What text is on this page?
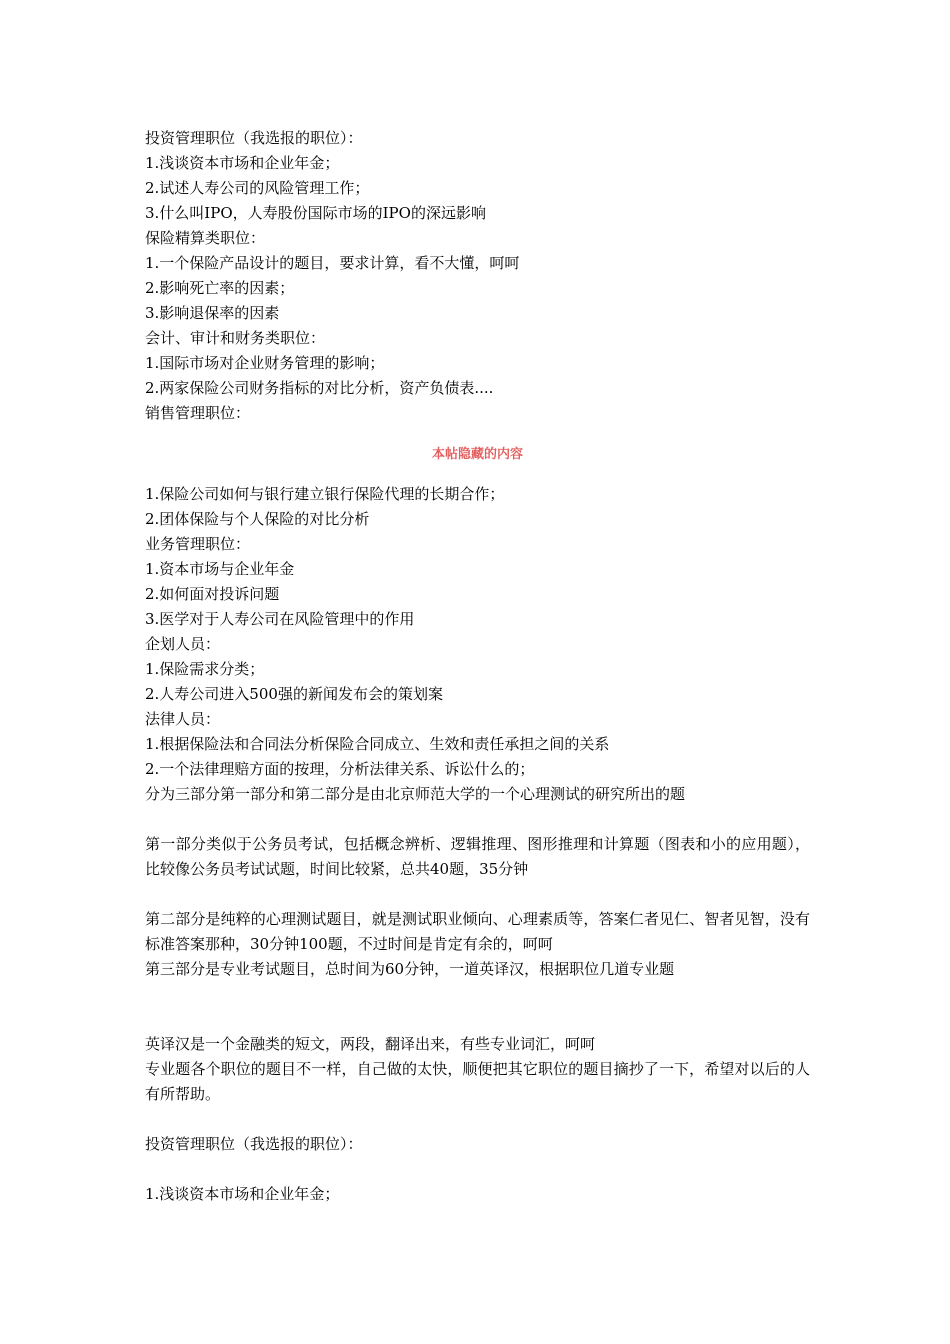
投资管理职位（我选报的职位）：

1.浅谈资本市场和企业年金；

2.试述人寿公司的风险管理工作；

3.什么叫IPO，人寿股份国际市场的IPO的深远影响

保险精算类职位：

1.一个保险产品设计的题目，要求计算，看不大懂，呵呵

2.影响死亡率的因素；

3.影响退保率的因素

会计、审计和财务类职位：

1.国际市场对企业财务管理的影响；

2.两家保险公司财务指标的对比分析，资产负债表....

销售管理职位：

本帖隐藏的内容

1.保险公司如何与银行建立银行保险代理的长期合作；

2.团体保险与个人保险的对比分析

业务管理职位：

1.资本市场与企业年金

2.如何面对投诉问题

3.医学对于人寿公司在风险管理中的作用

企划人员：

1.保险需求分类；

2.人寿公司进入500强的新闻发布会的策划案

法律人员：

1.根据保险法和合同法分析保险合同成立、生效和责任承担之间的关系

2.一个法律理赔方面的按理，分析法律关系、诉讼什么的；

分为三部分第一部分和第二部分是由北京师范大学的一个心理测试的研究所出的题

第一部分类似于公务员考试，包括概念辨析、逻辑推理、图形推理和计算题（图表和小的应用题），比较像公务员考试试题，时间比较紧，总共40题，35分钟

第二部分是纯粹的心理测试题目，就是测试职业倾向、心理素质等，答案仁者见仁、智者见智，没有标准答案那种，30分钟100题，不过时间是肯定有余的，呵呵

第三部分是专业考试题目，总时间为60分钟，一道英译汉，根据职位几道专业题

英译汉是一个金融类的短文，两段，翻译出来，有些专业词汇，呵呵

专业题各个职位的题目不一样，自己做的太快，顺便把其它职位的题目摘抄了一下，希望对以后的人有所帮助。

投资管理职位（我选报的职位）：

1.浅谈资本市场和企业年金；
